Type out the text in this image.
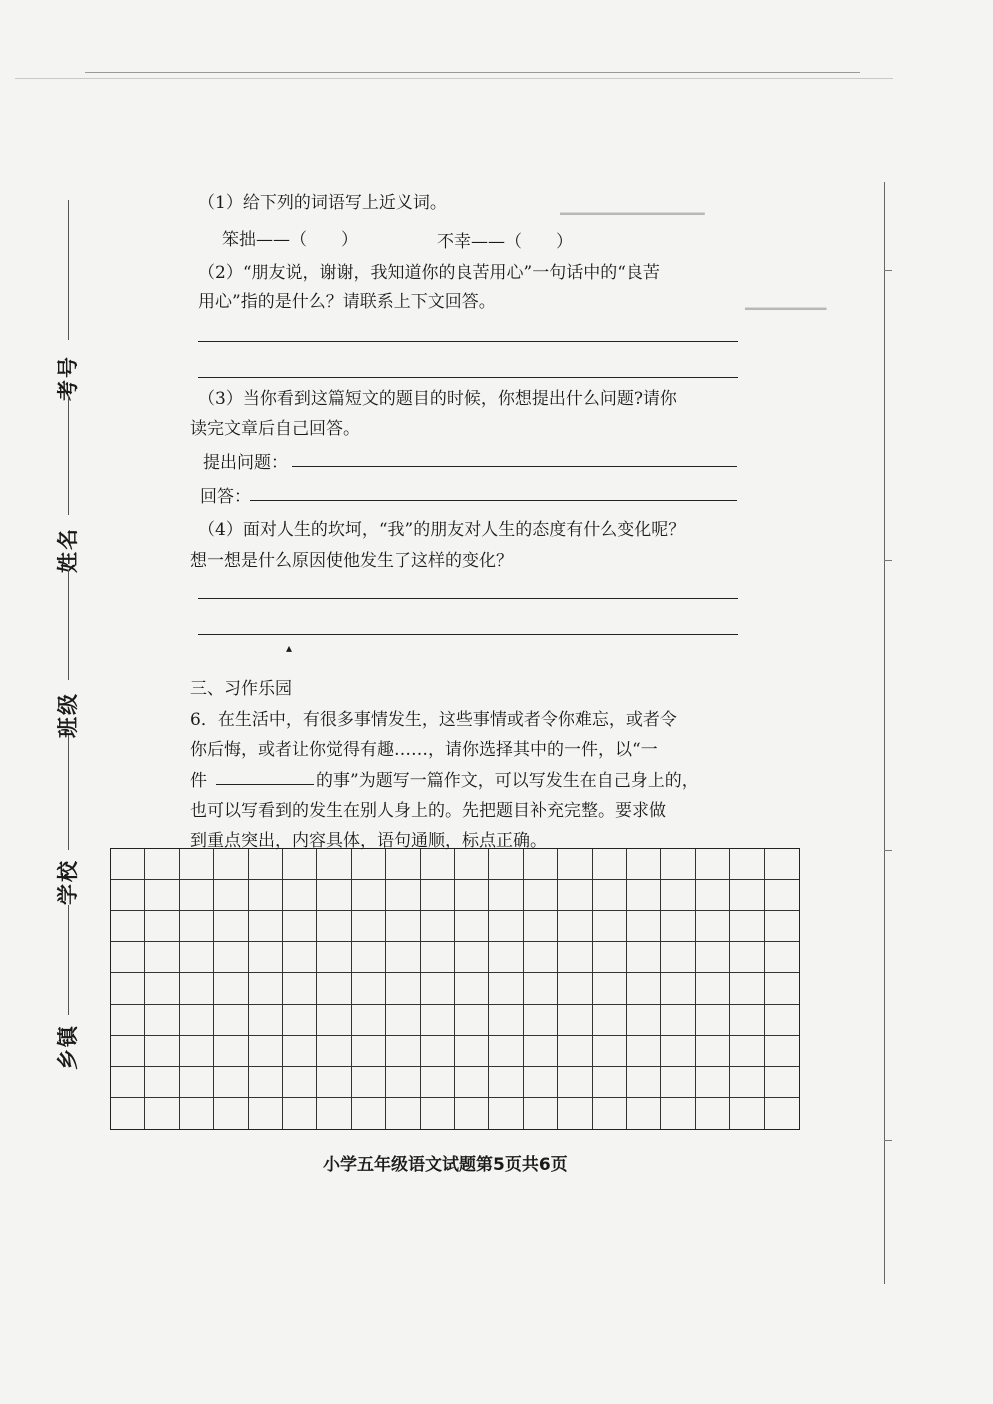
━━━━━━━━━━━━━━━━
━━━━━━━━━
考号
姓名
班级
学校
乡镇
（1）给下列的词语写上近义词。
笨拙——（　　）	不幸——（　　）
（2）“朋友说，谢谢，我知道你的良苦用心”一句话中的“良苦
用心”指的是什么？请联系上下文回答。
（3）当你看到这篇短文的题目的时候，你想提出什么问题?请你
读完文章后自己回答。
提出问题：
回答：
（4）面对人生的坎坷，“我”的朋友对人生的态度有什么变化呢？
想一想是什么原因使他发生了这样的变化？
▴
三、习作乐园
6．在生活中，有很多事情发生，这些事情或者令你难忘，或者令
你后悔，或者让你觉得有趣……，请你选择其中的一件，以“一
件	的事”为题写一篇作文，可以写发生在自己身上的，
也可以写看到的发生在别人身上的。先把题目补充完整。要求做
到重点突出，内容具体，语句通顺，标点正确。
小学五年级语文试题第5页共6页
